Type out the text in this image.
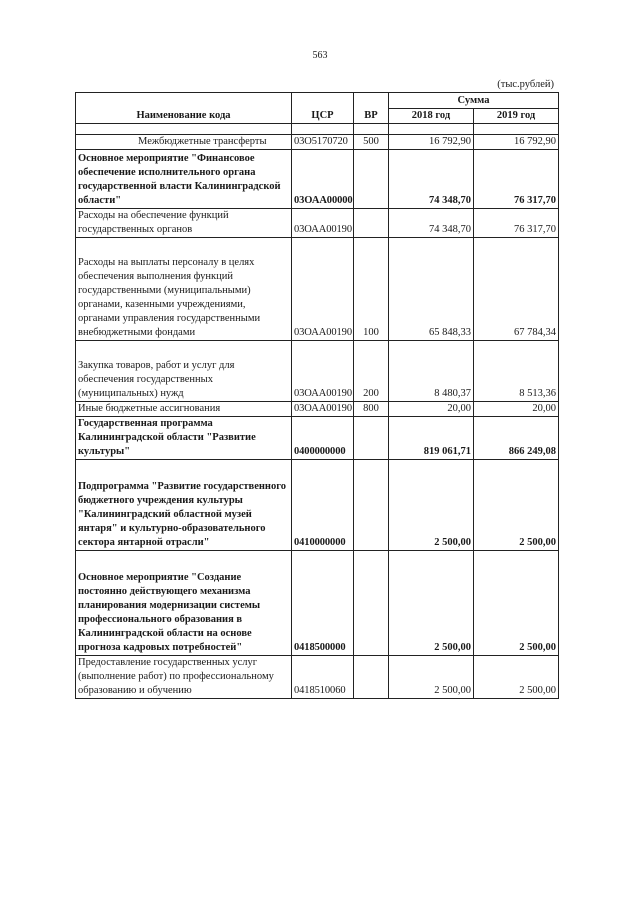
563
(тыс.рублей)
Наименование кода	ЦСР	ВР	Сумма	
			2018 год	2019 год

Межбюджетные трансферты	03О5170720	500	16 792,90	16 792,90
Основное мероприятие "Финансовое обеспечение исполнительного органа государственной власти Калининградской области"	03ОАА00000		74 348,70	76 317,70
Расходы на обеспечение функций государственных органов	03ОАА00190		74 348,70	76 317,70
Расходы на выплаты персоналу в целях обеспечения выполнения функций государственными (муниципальными) органами, казенными учреждениями, органами управления государственными внебюджетными фондами	03ОАА00190	100	65 848,33	67 784,34
Закупка товаров, работ и услуг для обеспечения государственных (муниципальных) нужд	03ОАА00190	200	8 480,37	8 513,36
Иные бюджетные ассигнования	03ОАА00190	800	20,00	20,00
Государственная программа Калининградской области "Развитие культуры"	0400000000		819 061,71	866 249,08
Подпрограмма "Развитие государственного бюджетного учреждения культуры "Калининградский областной музей янтаря" и культурно-образовательного сектора янтарной отрасли"	0410000000		2 500,00	2 500,00
Основное мероприятие "Создание постоянно действующего механизма планирования модернизации системы профессионального образования в Калининградской области на основе прогноза кадровых потребностей"	0418500000		2 500,00	2 500,00
Предоставление государственных услуг (выполнение работ) по профессиональному образованию и обучению	0418510060		2 500,00	2 500,00
